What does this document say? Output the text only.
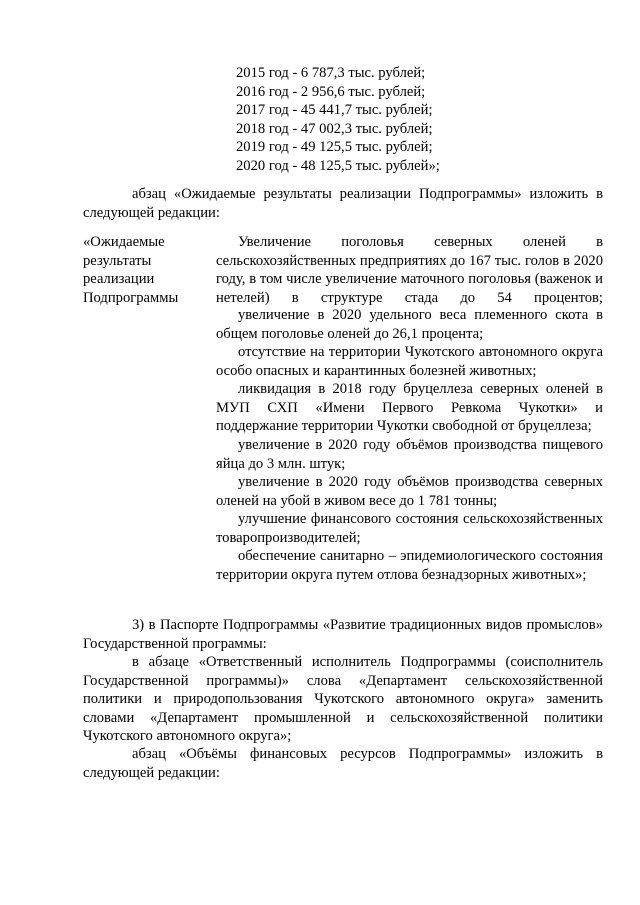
2015 год - 6 787,3 тыс. рублей;
2016 год - 2 956,6 тыс. рублей;
2017 год - 45 441,7 тыс. рублей;
2018 год - 47 002,3 тыс. рублей;
2019 год - 49 125,5 тыс. рублей;
2020 год - 48 125,5 тыс. рублей»;
абзац «Ожидаемые результаты реализации Подпрограммы» изложить в следующей редакции:
«Ожидаемые результаты реализации Подпрограммы
Увеличение поголовья северных оленей в сельскохозяйственных предприятиях до 167 тыс. голов в 2020 году, в том числе увеличение маточного поголовья (важенок и нетелей) в структуре стада до 54 процентов;
увеличение в 2020 удельного веса племенного скота в общем поголовье оленей до 26,1 процента;
отсутствие на территории Чукотского автономного округа особо опасных и карантинных болезней животных;
ликвидация в 2018 году бруцеллеза северных оленей в МУП СХП «Имени Первого Ревкома Чукотки» и поддержание территории Чукотки свободной от бруцеллеза;
увеличение в 2020 году объёмов производства пищевого яйца до 3 млн. штук;
увеличение в 2020 году объёмов производства северных оленей на убой в живом весе до 1 781 тонны;
улучшение финансового состояния сельскохозяйственных товаропроизводителей;
обеспечение санитарно – эпидемиологического состояния территории округа путем отлова безнадзорных животных»;
3) в Паспорте Подпрограммы «Развитие традиционных видов промыслов» Государственной программы:
в абзаце «Ответственный исполнитель Подпрограммы (соисполнитель Государственной программы)» слова «Департамент сельскохозяйственной политики и природопользования Чукотского автономного округа» заменить словами «Департамент промышленной и сельскохозяйственной политики Чукотского автономного округа»;
абзац «Объёмы финансовых ресурсов Подпрограммы» изложить в следующей редакции:
